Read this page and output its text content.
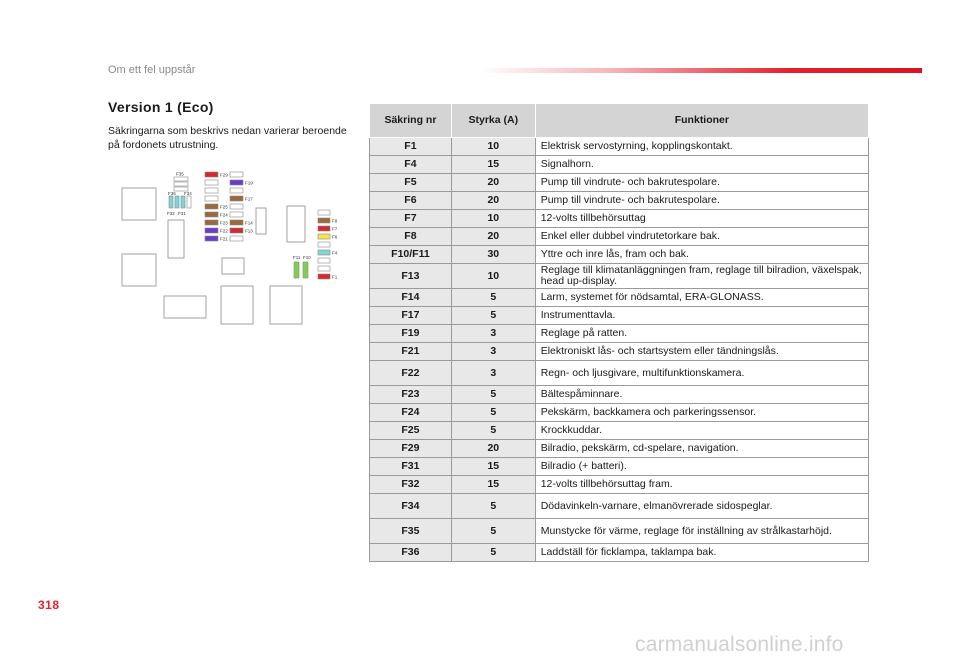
Om ett fel uppstår
Version 1 (Eco)
Säkringarna som beskrivs nedan varierar beroende på fordonets utrustning.
F35
F36 F34
F32 F31
F29
F19
F17
F25
F24
F23	F14
F22	F13
F21
F8
F7
F6
F4
F1
F11 F10
Säkring nr	Styrka (A)	Funktioner
F1	10	Elektrisk servostyrning, kopplingskontakt.
F4	15	Signalhorn.
F5	20	Pump till vindrute- och bakrutespolare.
F6	20	Pump till vindrute- och bakrutespolare.
F7	10	12-volts tillbehörsuttag
F8	20	Enkel eller dubbel vindrutetorkare bak.
F10/F11	30	Yttre och inre lås, fram och bak.
F13	10	Reglage till klimatanläggningen fram, reglage till bilradion, växelspak, head up-display.
F14	5	Larm, systemet för nödsamtal, ERA-GLONASS.
F17	5	Instrumenttavla.
F19	3	Reglage på ratten.
F21	3	Elektroniskt lås- och startsystem eller tändningslås.
F22	3	Regn- och ljusgivare, multifunktionskamera.
F23	5	Bältespåminnare.
F24	5	Pekskärm, backkamera och parkeringssensor.
F25	5	Krockkuddar.
F29	20	Bilradio, pekskärm, cd-spelare, navigation.
F31	15	Bilradio (+ batteri).
F32	15	12-volts tillbehörsuttag fram.
F34	5	Dödavinkeln-varnare, elmanövrerade sidospeglar.
F35	5	Munstycke för värme, reglage för inställning av strålkastarhöjd.
F36	5	Laddställ för ficklampa, taklampa bak.
318
carmanualsonline.info
